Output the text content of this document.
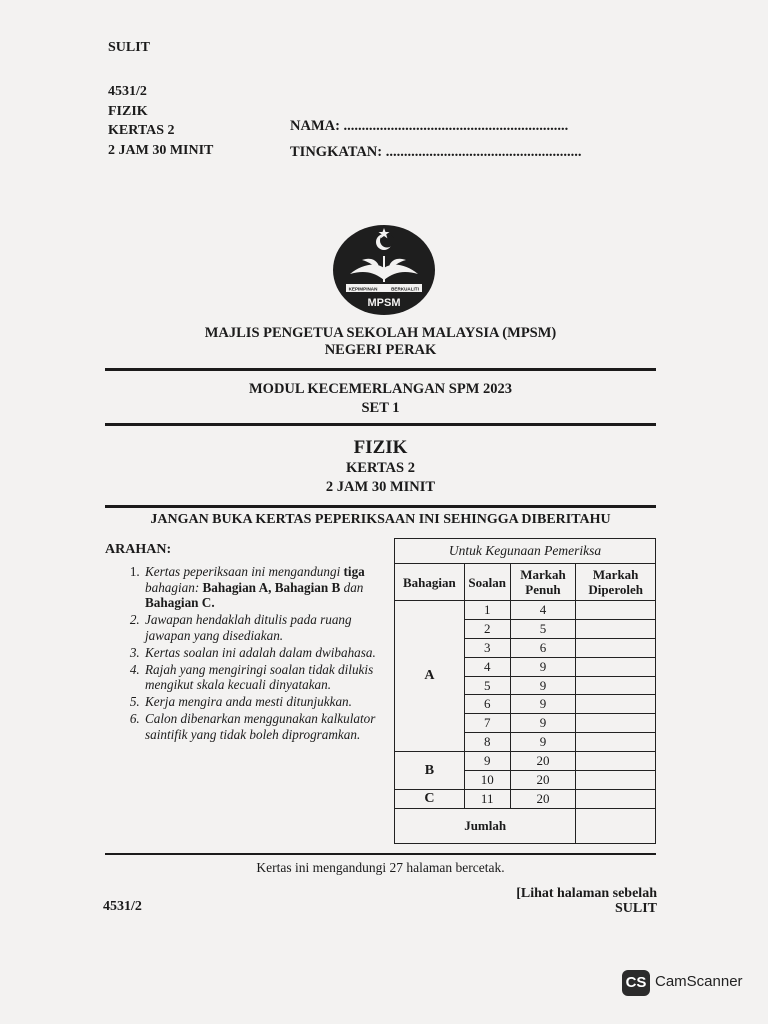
SULIT
4531/2
FIZIK
KERTAS 2
2 JAM 30 MINIT
NAMA: ..............................................................
TINGKATAN: ......................................................
KEPIMPINAN	BERKUALITI
MPSM
MAJLIS PENGETUA SEKOLAH MALAYSIA (MPSM)
NEGERI PERAK
MODUL KECEMERLANGAN SPM 2023
SET 1
FIZIK
KERTAS 2
2 JAM 30 MINIT
JANGAN BUKA KERTAS PEPERIKSAAN INI SEHINGGA DIBERITAHU
ARAHAN:
1. Kertas peperiksaan ini mengandungi tiga bahagian: Bahagian A, Bahagian B dan Bahagian C.
2. Jawapan hendaklah ditulis pada ruang jawapan yang disediakan.
3. Kertas soalan ini adalah dalam dwibahasa.
4. Rajah yang mengiringi soalan tidak dilukis mengikut skala kecuali dinyatakan.
5. Kerja mengira anda mesti ditunjukkan.
6. Calon dibenarkan menggunakan kalkulator saintifik yang tidak boleh diprogramkan.
Untuk Kegunaan Pemeriksa			
Bahagian	Soalan	Markah Penuh	Markah Diperoleh
A	1	4	
	2	5	
	3	6	
	4	9	
	5	9	
	6	9	
	7	9	
	8	9	
B	9	20	
	10	20	
C	11	20	
Jumlah			
Kertas ini mengandungi 27 halaman bercetak.
[Lihat halaman sebelah
SULIT
4531/2
CS CamScanner
